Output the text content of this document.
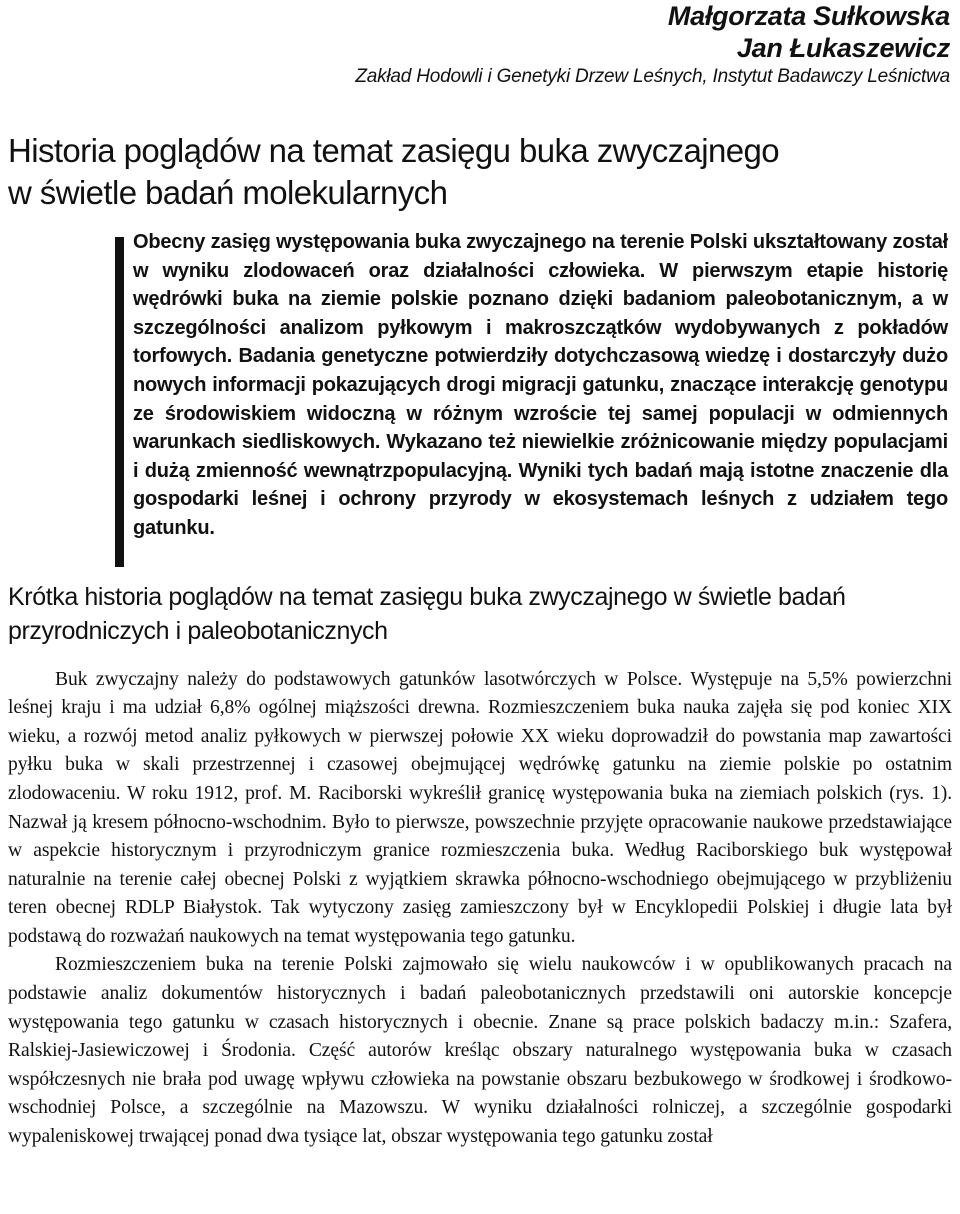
Małgorzata Sułkowska
Jan Łukaszewicz
Zakład Hodowli i Genetyki Drzew Leśnych, Instytut Badawczy Leśnictwa
Historia poglądów na temat zasięgu buka zwyczajnego
w świetle badań molekularnych

Obecny zasięg występowania buka zwyczajnego na terenie Polski ukształtowany został w wyniku zlodowaceń oraz działalności człowieka. W pierwszym etapie historię wędrówki buka na ziemie polskie poznano dzięki badaniom paleobotanicznym, a w szczególności analizom pyłkowym i makroszczątków wydobywanych z pokładów torfowych. Badania genetyczne potwierdziły dotychczasową wiedzę i dostarczyły dużo nowych informacji pokazujących drogi migracji gatunku, znaczące interakcję genotypu ze środowiskiem widoczną w różnym wzroście tej samej populacji w odmiennych warunkach siedliskowych. Wykazano też niewielkie zróżnicowanie między populacjami i dużą zmienność wewnątrzpopulacyjną. Wyniki tych badań mają istotne znaczenie dla gospodarki leśnej i ochrony przyrody w ekosystemach leśnych z udziałem tego gatunku.

Krótka historia poglądów na temat zasięgu buka zwyczajnego w świetle badań przyrodniczych i paleobotanicznych

Buk zwyczajny należy do podstawowych gatunków lasotwórczych w Polsce. Występuje na 5,5% powierzchni leśnej kraju i ma udział 6,8% ogólnej miąższości drewna. Rozmieszczeniem buka nauka zajęła się pod koniec XIX wieku, a rozwój metod analiz pyłkowych w pierwszej połowie XX wieku doprowadził do powstania map zawartości pyłku buka w skali przestrzennej i czasowej obejmującej wędrówkę gatunku na ziemie polskie po ostatnim zlodowaceniu. W roku 1912, prof. M. Raciborski wykreślił granicę występowania buka na ziemiach polskich (rys. 1). Nazwał ją kresem północno-wschodnim. Było to pierwsze, powszechnie przyjęte opracowanie naukowe przedstawiające w aspekcie historycznym i przyrodniczym granice rozmieszczenia buka. Według Raciborskiego buk występował naturalnie na terenie całej obecnej Polski z wyjątkiem skrawka północno-wschodniego obejmującego w przybliżeniu teren obecnej RDLP Białystok. Tak wytyczony zasięg zamieszczony był w Encyklopedii Polskiej i długie lata był podstawą do rozważań naukowych na temat występowania tego gatunku.

Rozmieszczeniem buka na terenie Polski zajmowało się wielu naukowców i w opublikowanych pracach na podstawie analiz dokumentów historycznych i badań paleobotanicznych przedstawili oni autorskie koncepcje występowania tego gatunku w czasach historycznych i obecnie. Znane są prace polskich badaczy m.in.: Szafera, Ralskiej-Jasiewiczowej i Środonia. Część autorów kreśląc obszary naturalnego występowania buka w czasach współczesnych nie brała pod uwagę wpływu człowieka na powstanie obszaru bezbukowego w środkowej i środkowo-wschodniej Polsce, a szczególnie na Mazowszu. W wyniku działalności rolniczej, a szczególnie gospodarki wypaleniskowej trwającej ponad dwa tysiące lat, obszar występowania tego gatunku został
